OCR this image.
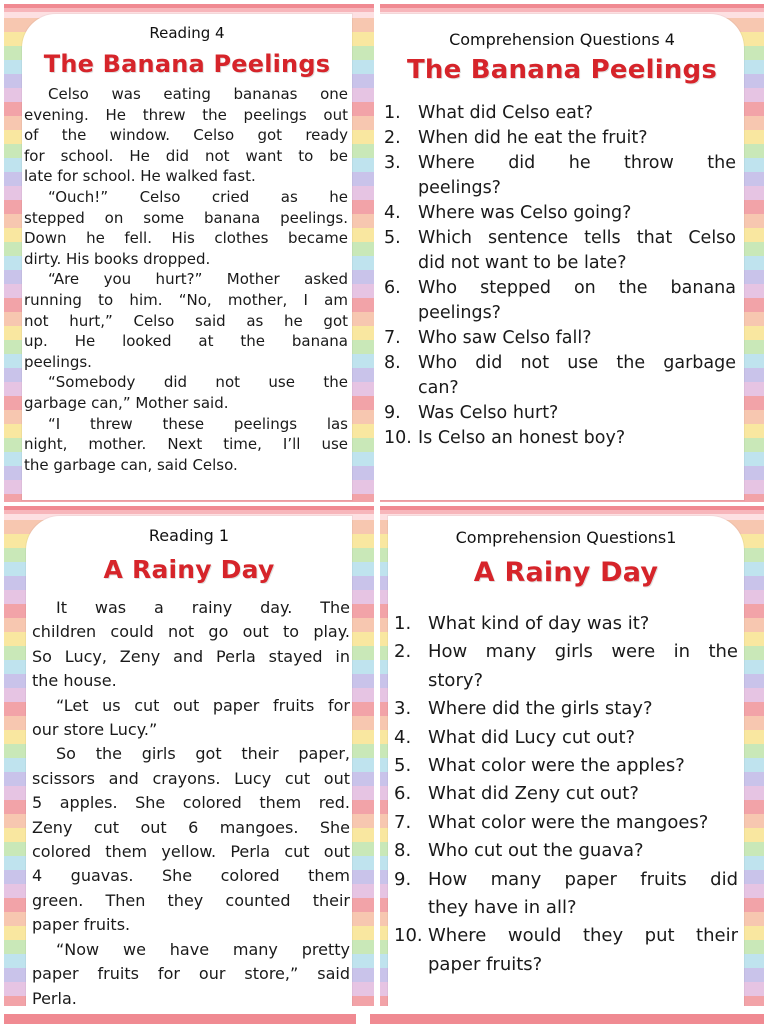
Reading 4
The Banana Peelings

Celso was eating bananas one

evening. He threw the peelings out

of the window. Celso got ready

for school. He did not want to be

late for school. He walked fast.

“Ouch!” Celso cried as he

stepped on some banana peelings.

Down he fell. His clothes became

dirty. His books dropped.

“Are you hurt?” Mother asked

running to him. “No, mother, I am

not hurt,” Celso said as he got

up. He looked at the banana

peelings.

“Somebody did not use the

garbage can,” Mother said.

“I threw these peelings las

night, mother. Next time, I’ll use

the garbage can, said Celso.

Comprehension Questions 4
The Banana Peelings
1. What did Celso eat?
2. When did he eat the fruit?
3. Where did he throw the
peelings?
4. Where was Celso going?
5. Which sentence tells that Celso
did not want to be late?
6. Who stepped on the banana
peelings?
7. Who saw Celso fall?
8. Who did not use the garbage
can?
9. Was Celso hurt?
10. Is Celso an honest boy?
Reading 1
A Rainy Day

It was a rainy day. The

children could not go out to play.

So Lucy, Zeny and Perla stayed in

the house.

“Let us cut out paper fruits for

our store Lucy.”

So the girls got their paper,

scissors and crayons. Lucy cut out

5 apples. She colored them red.

Zeny cut out 6 mangoes. She

colored them yellow. Perla cut out

4 guavas. She colored them

green. Then they counted their

paper fruits.

“Now we have many pretty

paper fruits for our store,” said

Perla.

Comprehension Questions1
A Rainy Day
1. What kind of day was it?
2. How many girls were in the
story?
3. Where did the girls stay?
4. What did Lucy cut out?
5. What color were the apples?
6. What did Zeny cut out?
7. What color were the mangoes?
8. Who cut out the guava?
9. How many paper fruits did
they have in all?
10. Where would they put their
paper fruits?
